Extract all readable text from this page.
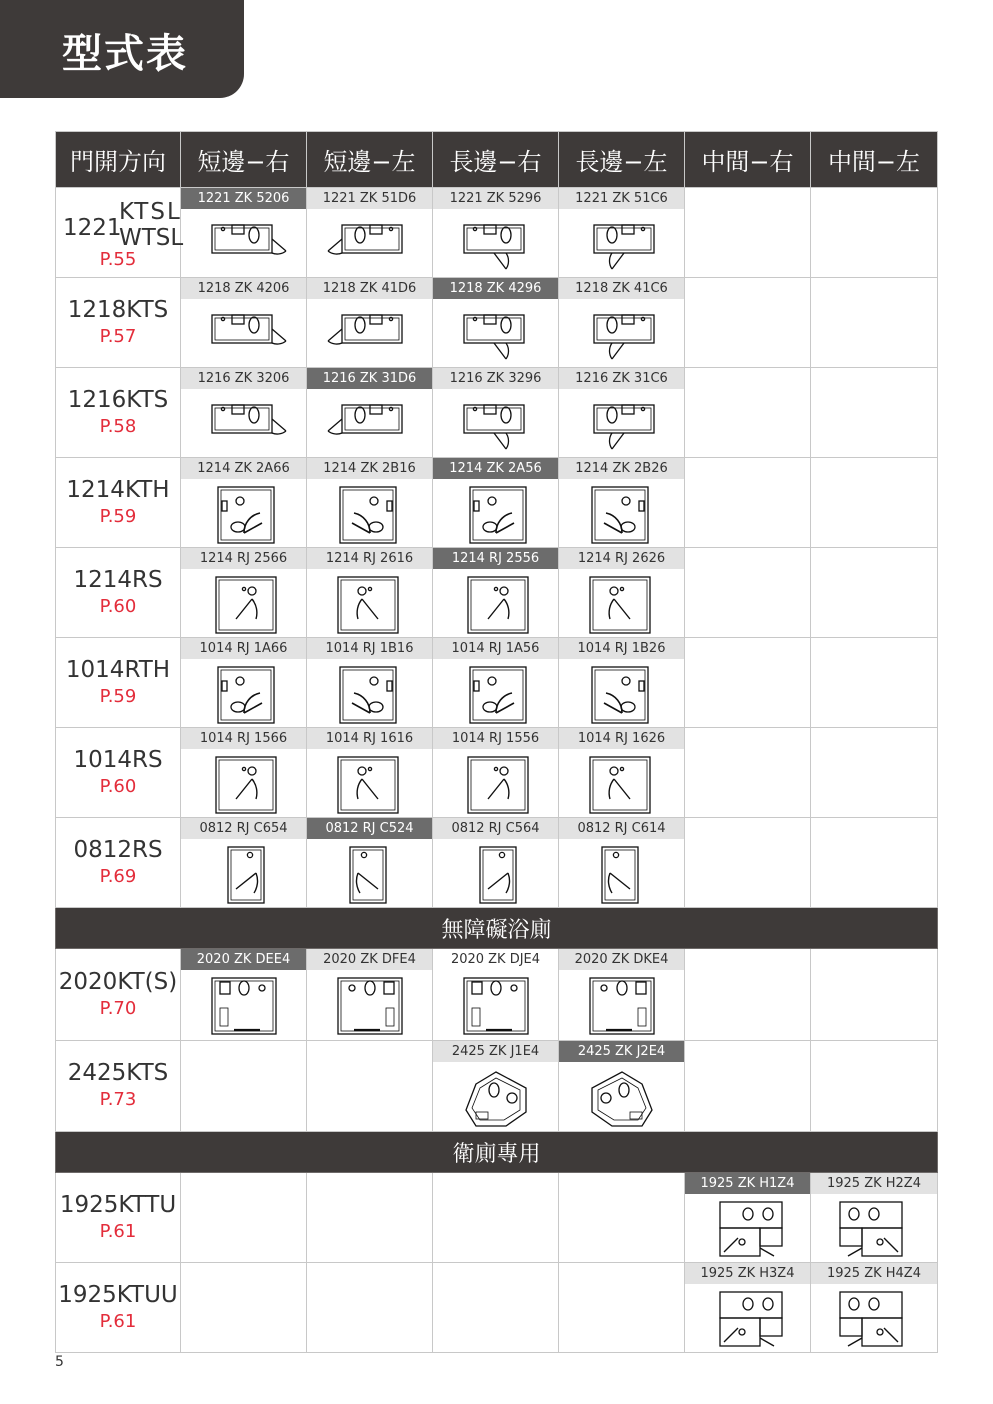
型式表
門開方向	短邊−右	短邊−左	長邊−右	長邊−左	中間−右	中間−左

1221
KTSL
WTSL
P.55	1221 ZK 5206	1221 ZK 51D6	1221 ZK 5296	1221 ZK 51C6		

1218KTS
P.57	1218 ZK 4206	1218 ZK 41D6	1218 ZK 4296	1218 ZK 41C6		

1216KTS
P.58	1216 ZK 3206	1216 ZK 31D6	1216 ZK 3296	1216 ZK 31C6		

1214KTH
P.59	1214 ZK 2A66	1214 ZK 2B16	1214 ZK 2A56	1214 ZK 2B26		

1214RS
P.60	1214 RJ 2566	1214 RJ 2616	1214 RJ 2556	1214 RJ 2626		

1014RTH
P.59	1014 RJ 1A66	1014 RJ 1B16	1014 RJ 1A56	1014 RJ 1B26		

1014RS
P.60	1014 RJ 1566	1014 RJ 1616	1014 RJ 1556	1014 RJ 1626		

0812RS
P.69	0812 RJ C654	0812 RJ C524	0812 RJ C564	0812 RJ C614		

無障礙浴廁						

2020KT(S)
P.70	2020 ZK DEE4	2020 ZK DFE4	2020 ZK DJE4	2020 ZK DKE4		

2425KTS
P.73			2425 ZK J1E4	2425 ZK J2E4		

衛廁專用						

1925KTTU
P.61					1925 ZK H1Z4	1925 ZK H2Z4

1925KTUU
P.61					1925 ZK H3Z4	1925 ZK H4Z4
5
